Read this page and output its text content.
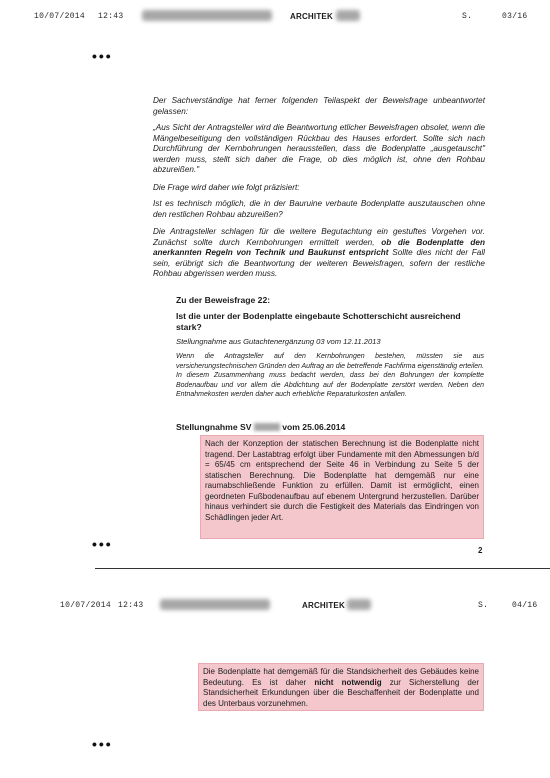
10/07/2014 12:43	ARCHITEK	S.	03/16
•••
Der Sachverständige hat ferner folgenden Teilaspekt der Beweisfrage unbeantwortet gelassen:
„Aus Sicht der Antragsteller wird die Beantwortung etlicher Beweisfragen obsolet, wenn die Mängelbeseitigung den vollständigen Rückbau des Hauses erfordert. Sollte sich nach Durchführung der Kernbohrungen herausstellen, dass die Bodenplatte „ausgetauscht" werden muss, stellt sich daher die Frage, ob dies möglich ist, ohne den Rohbau abzureißen."
Die Frage wird daher wie folgt präzisiert:
Ist es technisch möglich, die in der Bauruine verbaute Bodenplatte auszutauschen ohne den restlichen Rohbau abzureißen?
Die Antragsteller schlagen für die weitere Begutachtung ein gestuftes Vorgehen vor. Zunächst sollte durch Kernbohrungen ermittelt werden, ob die Bodenplatte den anerkannten Regeln von Technik und Baukunst entspricht Sollte dies nicht der Fall sein, erübrigt sich die Beantwortung der weiteren Beweisfragen, sofern der restliche Rohbau abgerissen werden muss.
Zu der Beweisfrage 22:
Ist die unter der Bodenplatte eingebaute Schotterschicht ausreichend stark?
Stellungnahme aus Gutachtenergänzung 03 vom 12.11.2013
Wenn die Antragsteller auf den Kernbohrungen bestehen, müssten sie aus versicherungstechnischen Gründen den Auftrag an die betreffende Fachfirma eigenständig erteilen. In diesem Zusammenhang muss bedacht werden, dass bei den Bohrungen der komplette Bodenaufbau und vor allem die Abdichtung auf der Bodenplatte zerstört werden. Neben den Entnahmekosten werden daher auch erhebliche Reparaturkosten anfallen.
Stellungnahme SV	vom 25.06.2014
Nach der Konzeption der statischen Berechnung ist die Bodenplatte nicht tragend. Der Lastabtrag erfolgt über Fundamente mit den Abmessungen b/d = 65/45 cm entsprechend der Seite 46 in Verbindung zu Seite 5 der statischen Berechnung. Die Bodenplatte hat demgemäß nur eine raumabschließende Funktion zu erfüllen. Damit ist ermöglicht, einen geordneten Fußbodenaufbau auf ebenem Untergrund herzustellen. Darüber hinaus verhindert sie durch die Festigkeit des Materials das Eindringen von Schädlingen jeder Art.
•••	2
10/07/2014 12:43	ARCHITEK	S.	04/16
Die Bodenplatte hat demgemäß für die Standsicherheit des Gebäudes keine Bedeutung. Es ist daher nicht notwendig zur Sicherstellung der Standsicherheit Erkundungen über die Beschaffenheit der Bodenplatte und des Unterbaus vorzunehmen.
•••
